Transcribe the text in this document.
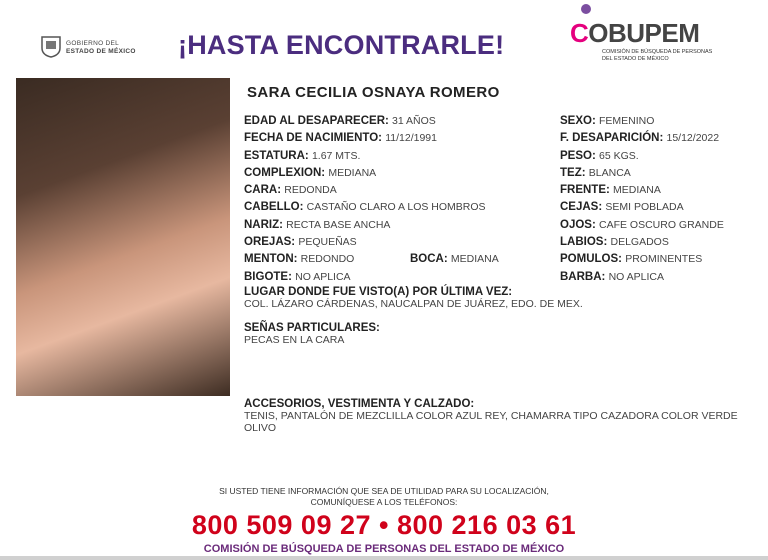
GOBIERNO DEL
ESTADO DE MÉXICO ¡HASTA ENCONTRARLE!	COBUPEM
COMISIÓN DE BÚSQUEDA DE PERSONAS
DEL ESTADO DE MÉXICO
SARA CECILIA OSNAYA ROMERO
EDAD AL DESAPARECER: 31 AÑOS
FECHA DE NACIMIENTO: 11/12/1991
ESTATURA: 1.67 MTS.
COMPLEXION: MEDIANA
CARA: REDONDA
CABELLO: CASTAÑO CLARO A LOS HOMBROS
NARIZ: RECTA BASE ANCHA
OREJAS: PEQUEÑAS
MENTON: REDONDO	BOCA: MEDIANA
BIGOTE: NO APLICA
SEXO: FEMENINO
F. DESAPARICIÓN: 15/12/2022
PESO: 65 KGS.
TEZ: BLANCA
FRENTE: MEDIANA
CEJAS: SEMI POBLADA
OJOS: CAFE OSCURO GRANDE
LABIOS: DELGADOS
POMULOS: PROMINENTES
BARBA: NO APLICA
LUGAR DONDE FUE VISTO(A) POR ÚLTIMA VEZ:
COL. LÁZARO CÁRDENAS, NAUCALPAN DE JUÁREZ, EDO. DE MEX.
SEÑAS PARTICULARES:
PECAS EN LA CARA
ACCESORIOS, VESTIMENTA Y CALZADO:
TENIS, PANTALÓN DE MEZCLILLA COLOR AZUL REY, CHAMARRA TIPO CAZADORA COLOR VERDE
OLIVO
SI USTED TIENE INFORMACIÓN QUE SEA DE UTILIDAD PARA SU LOCALIZACIÓN,
COMUNÍQUESE A LOS TELÉFONOS:
800 509 09 27 • 800 216 03 61
COMISIÓN DE BÚSQUEDA DE PERSONAS DEL ESTADO DE MÉXICO
